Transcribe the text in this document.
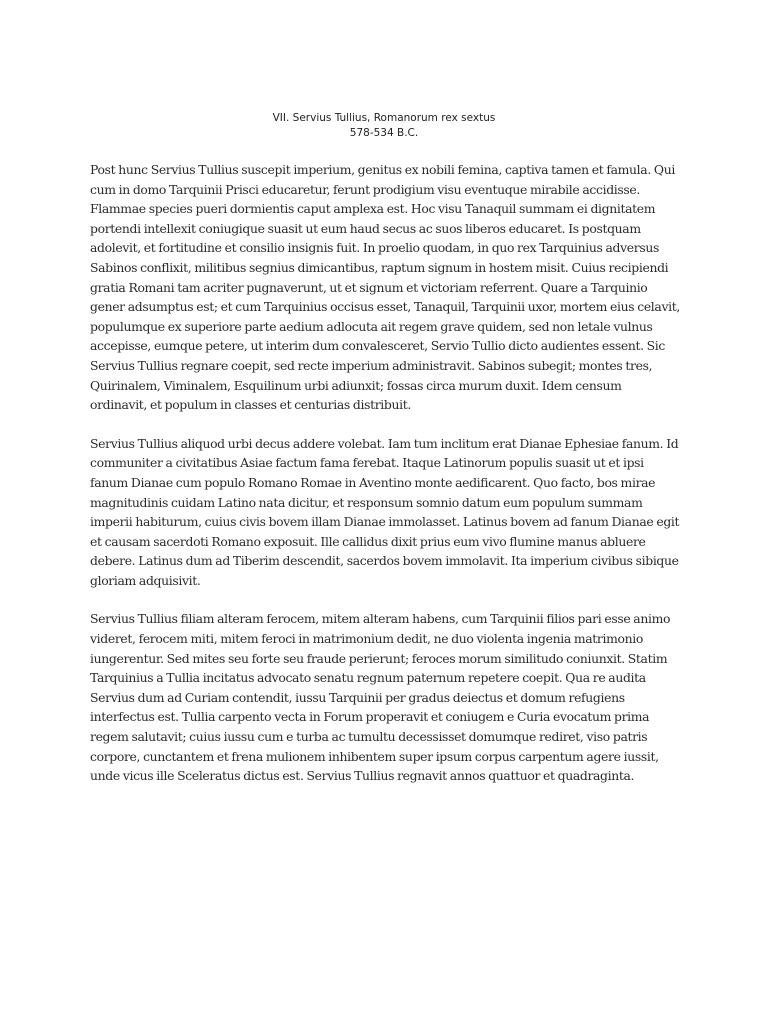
VII. Servius Tullius, Romanorum rex sextus
578-534 B.C.

Post hunc Servius Tullius suscepit imperium, genitus ex nobili femina, captiva tamen et famula. Qui cum in domo Tarquinii Prisci educaretur, ferunt prodigium visu eventuque mirabile accidisse. Flammae species pueri dormientis caput amplexa est. Hoc visu Tanaquil summam ei dignitatem portendi intellexit coniugique suasit ut eum haud secus ac suos liberos educaret. Is postquam adolevit, et fortitudine et consilio insignis fuit. In proelio quodam, in quo rex Tarquinius adversus Sabinos conflixit, militibus segnius dimicantibus, raptum signum in hostem misit. Cuius recipiendi gratia Romani tam acriter pugnaverunt, ut et signum et victoriam referrent. Quare a Tarquinio gener adsumptus est; et cum Tarquinius occisus esset, Tanaquil, Tarquinii uxor, mortem eius celavit, populumque ex superiore parte aedium adlocuta ait regem grave quidem, sed non letale vulnus accepisse, eumque petere, ut interim dum convalesceret, Servio Tullio dicto audientes essent. Sic Servius Tullius regnare coepit, sed recte imperium administravit. Sabinos subegit; montes tres, Quirinalem, Viminalem, Esquilinum urbi adiunxit; fossas circa murum duxit. Idem censum ordinavit, et populum in classes et centurias distribuit.

Servius Tullius aliquod urbi decus addere volebat. Iam tum inclitum erat Dianae Ephesiae fanum. Id communiter a civitatibus Asiae factum fama ferebat. Itaque Latinorum populis suasit ut et ipsi fanum Dianae cum populo Romano Romae in Aventino monte aedificarent. Quo facto, bos mirae magnitudinis cuidam Latino nata dicitur, et responsum somnio datum eum populum summam imperii habiturum, cuius civis bovem illam Dianae immolasset. Latinus bovem ad fanum Dianae egit et causam sacerdoti Romano exposuit. Ille callidus dixit prius eum vivo flumine manus abluere debere. Latinus dum ad Tiberim descendit, sacerdos bovem immolavit. Ita imperium civibus sibique gloriam adquisivit.

Servius Tullius filiam alteram ferocem, mitem alteram habens, cum Tarquinii filios pari esse animo videret, ferocem miti, mitem feroci in matrimonium dedit, ne duo violenta ingenia matrimonio iungerentur. Sed mites seu forte seu fraude perierunt; feroces morum similitudo coniunxit. Statim Tarquinius a Tullia incitatus advocato senatu regnum paternum repetere coepit. Qua re audita Servius dum ad Curiam contendit, iussu Tarquinii per gradus deiectus et domum refugiens interfectus est. Tullia carpento vecta in Forum properavit et coniugem e Curia evocatum prima regem salutavit; cuius iussu cum e turba ac tumultu decessisset domumque rediret, viso patris corpore, cunctantem et frena mulionem inhibentem super ipsum corpus carpentum agere iussit, unde vicus ille Sceleratus dictus est. Servius Tullius regnavit annos quattuor et quadraginta.
